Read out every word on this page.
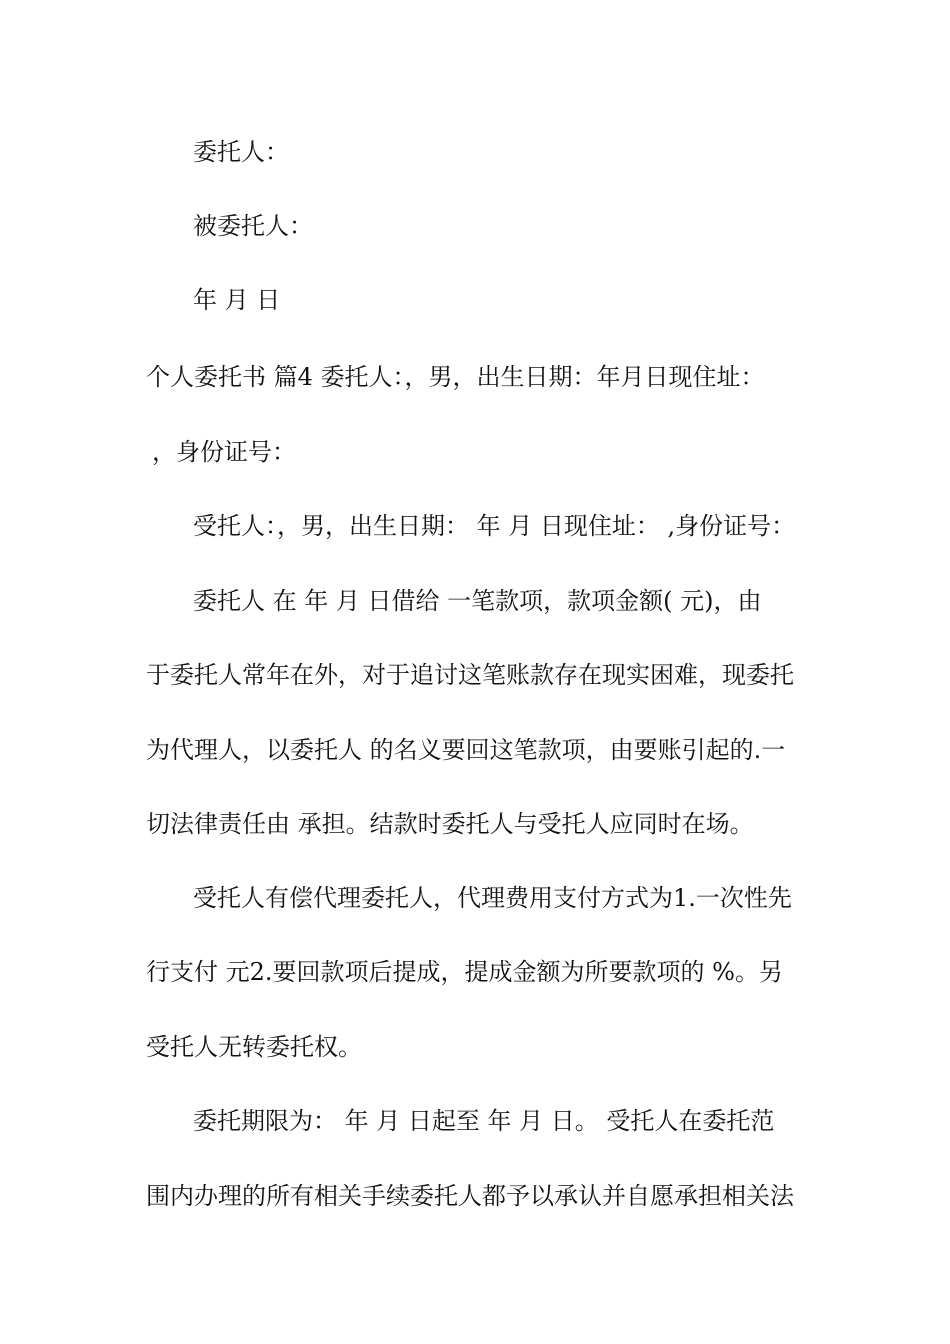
委托人：
被委托人：
年 月 日
个人委托书 篇4 委托人：，男，出生日期：年月日现住址：
，身份证号：
受托人：，男，出生日期： 年 月 日现住址： ,身份证号：
委托人 在 年 月 日借给 一笔款项，款项金额( 元)，由
于委托人常年在外，对于追讨这笔账款存在现实困难，现委托
为代理人，以委托人 的名义要回这笔款项，由要账引起的.一
切法律责任由 承担。结款时委托人与受托人应同时在场。
受托人有偿代理委托人，代理费用支付方式为1.一次性先
行支付 元2.要回款项后提成，提成金额为所要款项的 %。另
受托人无转委托权。
委托期限为： 年 月 日起至 年 月 日。 受托人在委托范
围内办理的所有相关手续委托人都予以承认并自愿承担相关法
